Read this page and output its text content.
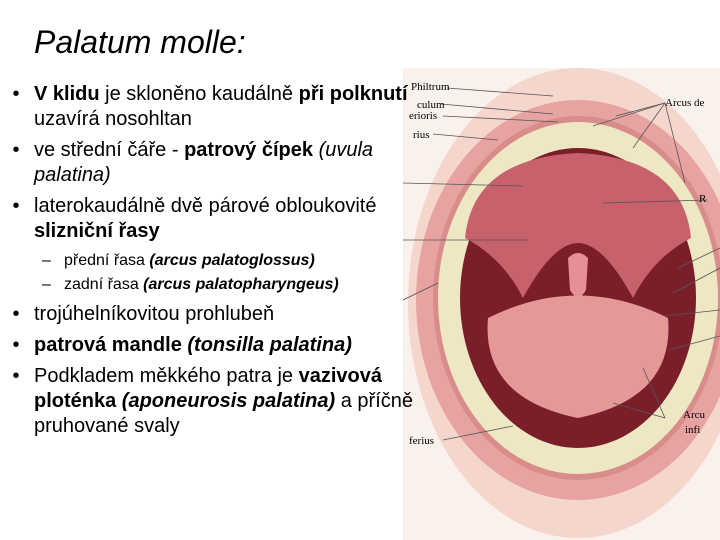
Palatum molle:
• V klidu je skloněno kaudálně při polknutí uzavírá nosohltan
• ve střední čáře - patrový čípek (uvula palatina)
• laterokaudálně dvě párové obloukovité slizniční řasy
– přední řasa (arcus palatoglossus)
– zadní řasa (arcus palatopharyngeus)
• trojúhelníkovitou prohlubeň
• patrová mandle (tonsilla palatina)
• Podkladem měkkého patra je vazivová ploténka (aponeurosis palatina) a příčně pruhované svaly
Philtrum
culum
erioris
rius
Arcus de
R
ferius
Arcu
infi
